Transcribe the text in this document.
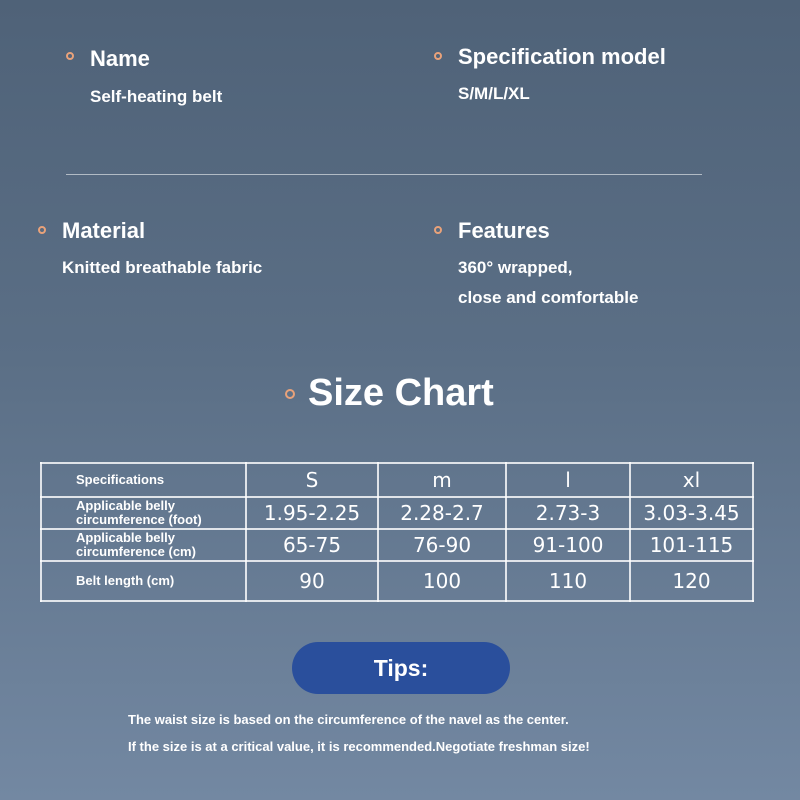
Name
Self-heating belt
Specification model
S/M/L/XL
Material
Knitted breathable fabric
Features
360° wrapped,
close and comfortable
Size Chart
Specifications	S	m	l	xl

Applicable belly
circumference (foot)	1.95-2.25	2.28-2.7	2.73-3	3.03-3.45

Applicable belly
circumference (cm)	65-75	76-90	91-100	101-115

Belt length (cm)	90	100	110	120
Tips:
The waist size is based on the circumference of the navel as the center.
If the size is at a critical value, it is recommended.Negotiate freshman size!
